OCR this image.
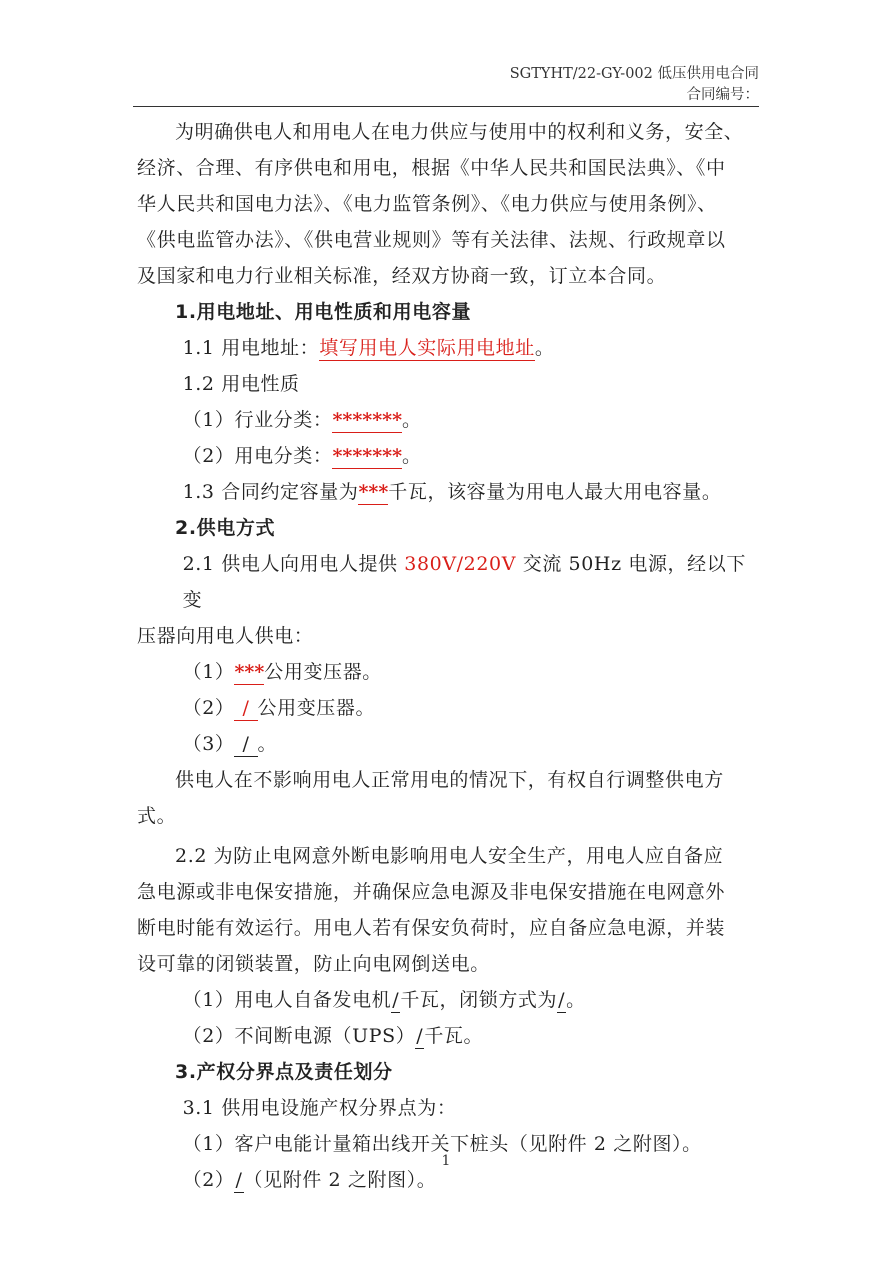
SGTYHT/22-GY-002 低压供用电合同
合同编号：

为明确供电人和用电人在电力供应与使用中的权利和义务，安全、

经济、合理、有序供电和用电，根据《中华人民共和国民法典》、《中

华人民共和国电力法》、《电力监管条例》、《电力供应与使用条例》、

《供电监管办法》、《供电营业规则》等有关法律、法规、行政规章以

及国家和电力行业相关标准，经双方协商一致，订立本合同。

1.用电地址、用电性质和用电容量

1.1 用电地址：填写用电人实际用电地址。

1.2 用电性质

（1）行业分类：*******。

（2）用电分类：*******。

1.3 合同约定容量为***千瓦，该容量为用电人最大用电容量。

2.供电方式

2.1 供电人向用电人提供 380V/220V 交流 50Hz 电源，经以下变

压器向用电人供电：

（1）***公用变压器。

（2） / 公用变压器。

（3） / 。

供电人在不影响用电人正常用电的情况下，有权自行调整供电方

式。

2.2 为防止电网意外断电影响用电人安全生产，用电人应自备应

急电源或非电保安措施，并确保应急电源及非电保安措施在电网意外

断电时能有效运行。用电人若有保安负荷时，应自备应急电源，并装

设可靠的闭锁装置，防止向电网倒送电。

（1）用电人自备发电机/千瓦，闭锁方式为/。

（2）不间断电源（UPS）/千瓦。

3.产权分界点及责任划分

3.1 供用电设施产权分界点为：

（1）客户电能计量箱出线开关下桩头（见附件 2 之附图）。

（2）/（见附件 2 之附图）。

1
